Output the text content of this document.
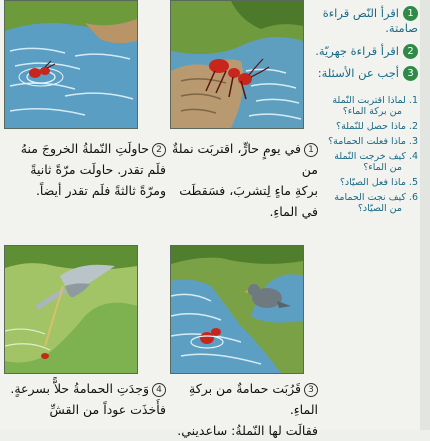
1في يومٍ حارٍّ، اقتربَت نملةٌ من
بركةِ ماءٍ لِتشربَ، فسَقطَت
في الماءِ.
2حاولَتِ النّملةُ الخروجَ منهُ
فلَم تقدر. حاولَت مرّةً ثانيةً
ومرّةً ثالثةً فلَم تقدر أيضاً.
3قَرُبَت حمامةٌ من بركةِ الماءِ.
فقالَت لها النّملةُ: ساعديني.
4وَجدَتِ الحمامةُ حلاًّ بسرعةٍ.
فأَخذَت عوداً من القشِّ
1اقرأ النّص قراءة صامتة.
2اقرأ قراءة جهريّة.
3أجب عن الأسئلة:
1.لماذا اقتربت النّملة
من بركة الماء؟
2.ماذا حصل للنّملة؟
3.ماذا فعلت الحمامة؟
4.كيف خرجت النّملة
من الماء؟
5.ماذا فعل الصيّاد؟
6.كيف نجت الحمامة
من الصيّاد؟
